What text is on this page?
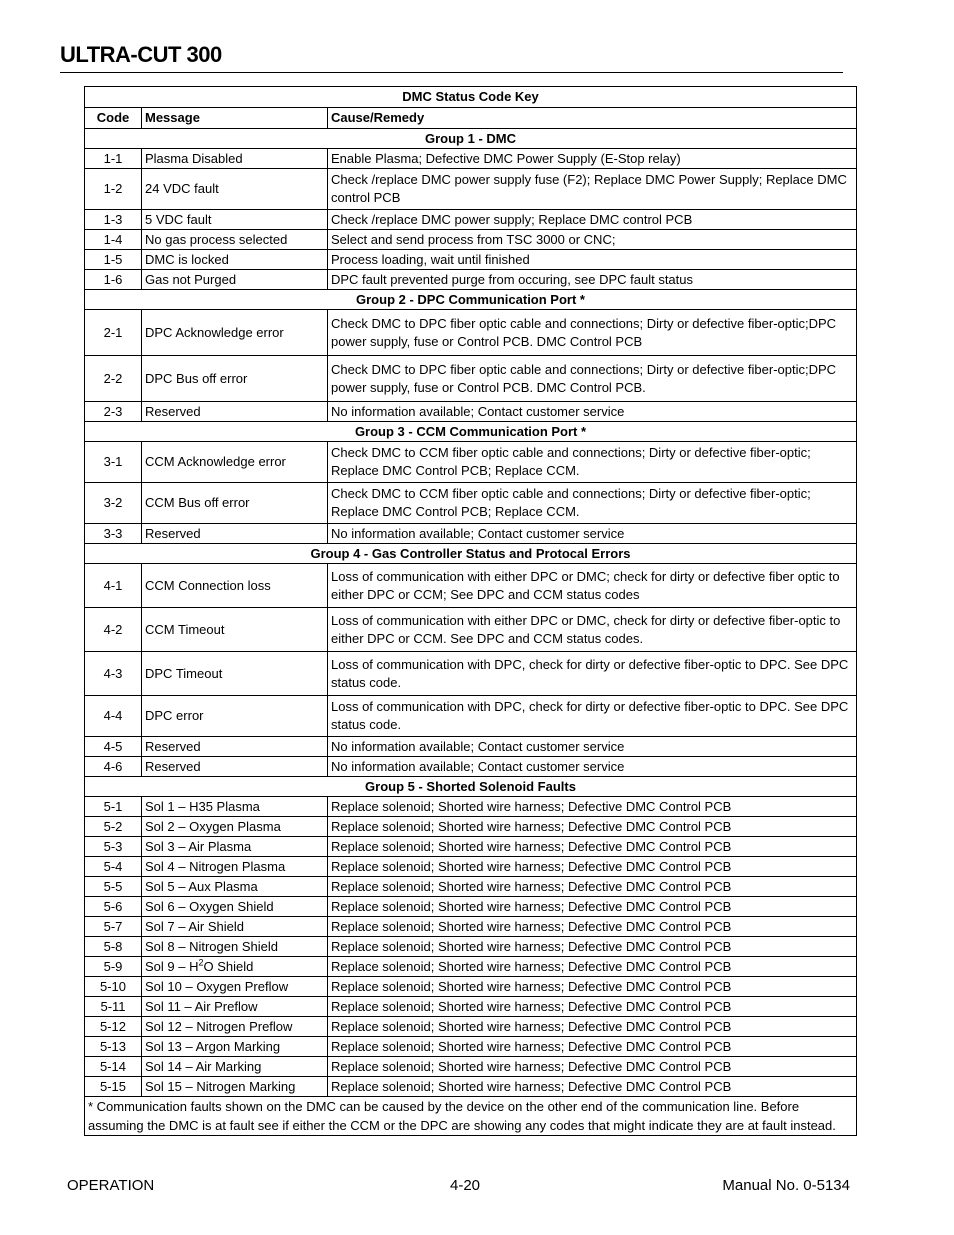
ULTRA-CUT 300
DMC Status Code Key		
Code	Message	Cause/Remedy
Group 1 - DMC		
1-1	Plasma Disabled	Enable Plasma; Defective DMC Power Supply (E-Stop relay)
1-2	24 VDC fault	Check /replace DMC power supply fuse (F2); Replace DMC Power Supply; Replace DMC control PCB
1-3	5 VDC fault	Check /replace DMC power supply; Replace DMC control PCB
1-4	No gas process selected	Select and send process from TSC 3000 or CNC;
1-5	DMC is locked	Process loading, wait until finished
1-6	Gas not Purged	DPC fault prevented purge from occuring, see DPC fault status
Group 2 - DPC Communication Port *		
2-1	DPC Acknowledge error	Check DMC to DPC fiber optic cable and connections; Dirty or defective fiber-optic;DPC power supply, fuse or Control PCB. DMC Control PCB
2-2	DPC Bus off error	Check DMC to DPC fiber optic cable and connections; Dirty or defective fiber-optic;DPC power supply, fuse or Control PCB. DMC Control PCB.
2-3	Reserved	No information available; Contact customer service
Group 3 - CCM Communication Port *		
3-1	CCM Acknowledge error	Check DMC to CCM fiber optic cable and connections; Dirty or defective fiber-optic; Replace DMC Control PCB; Replace CCM.
3-2	CCM Bus off error	Check DMC to CCM fiber optic cable and connections; Dirty or defective fiber-optic; Replace DMC Control PCB; Replace CCM.
3-3	Reserved	No information available; Contact customer service
Group 4 - Gas Controller Status and Protocal Errors		
4-1	CCM Connection loss	Loss of communication with either DPC or DMC; check for dirty or defective fiber optic to either DPC or CCM; See DPC and CCM status codes
4-2	CCM Timeout	Loss of communication with either DPC or DMC, check for dirty or defective fiber-optic to either DPC or CCM. See DPC and CCM status codes.
4-3	DPC Timeout	Loss of communication with DPC, check for dirty or defective fiber-optic to DPC. See DPC status code.
4-4	DPC error	Loss of communication with DPC, check for dirty or defective fiber-optic to DPC. See DPC status code.
4-5	Reserved	No information available; Contact customer service
4-6	Reserved	No information available; Contact customer service
Group 5 - Shorted Solenoid Faults		
5-1	Sol 1 – H35 Plasma	Replace solenoid; Shorted wire harness; Defective DMC Control PCB
5-2	Sol 2 – Oxygen Plasma	Replace solenoid; Shorted wire harness; Defective DMC Control PCB
5-3	Sol 3 – Air Plasma	Replace solenoid; Shorted wire harness; Defective DMC Control PCB
5-4	Sol 4 – Nitrogen Plasma	Replace solenoid; Shorted wire harness; Defective DMC Control PCB
5-5	Sol 5 – Aux Plasma	Replace solenoid; Shorted wire harness; Defective DMC Control PCB
5-6	Sol 6 – Oxygen Shield	Replace solenoid; Shorted wire harness; Defective DMC Control PCB
5-7	Sol 7 – Air Shield	Replace solenoid; Shorted wire harness; Defective DMC Control PCB
5-8	Sol 8 – Nitrogen Shield	Replace solenoid; Shorted wire harness; Defective DMC Control PCB
5-9	Sol $9 - H^2O$ Shield	Replace solenoid; Shorted wire harness; Defective DMC Control PCB
5-10	Sol 10 – Oxygen Preflow	Replace solenoid; Shorted wire harness; Defective DMC Control PCB
5-11	Sol 11 – Air Preflow	Replace solenoid; Shorted wire harness; Defective DMC Control PCB
5-12	Sol 12 – Nitrogen Preflow	Replace solenoid; Shorted wire harness; Defective DMC Control PCB
5-13	Sol 13 – Argon Marking	Replace solenoid; Shorted wire harness; Defective DMC Control PCB
5-14	Sol 14 – Air Marking	Replace solenoid; Shorted wire harness; Defective DMC Control PCB
5-15	Sol 15 – Nitrogen Marking	Replace solenoid; Shorted wire harness; Defective DMC Control PCB
* Communication faults shown on the DMC can be caused by the device on the other end of the communication line. Before assuming the DMC is at fault see if either the CCM or the DPC are showing any codes that might indicate they are at fault instead.		
OPERATION	4-20	Manual No. 0-5134
